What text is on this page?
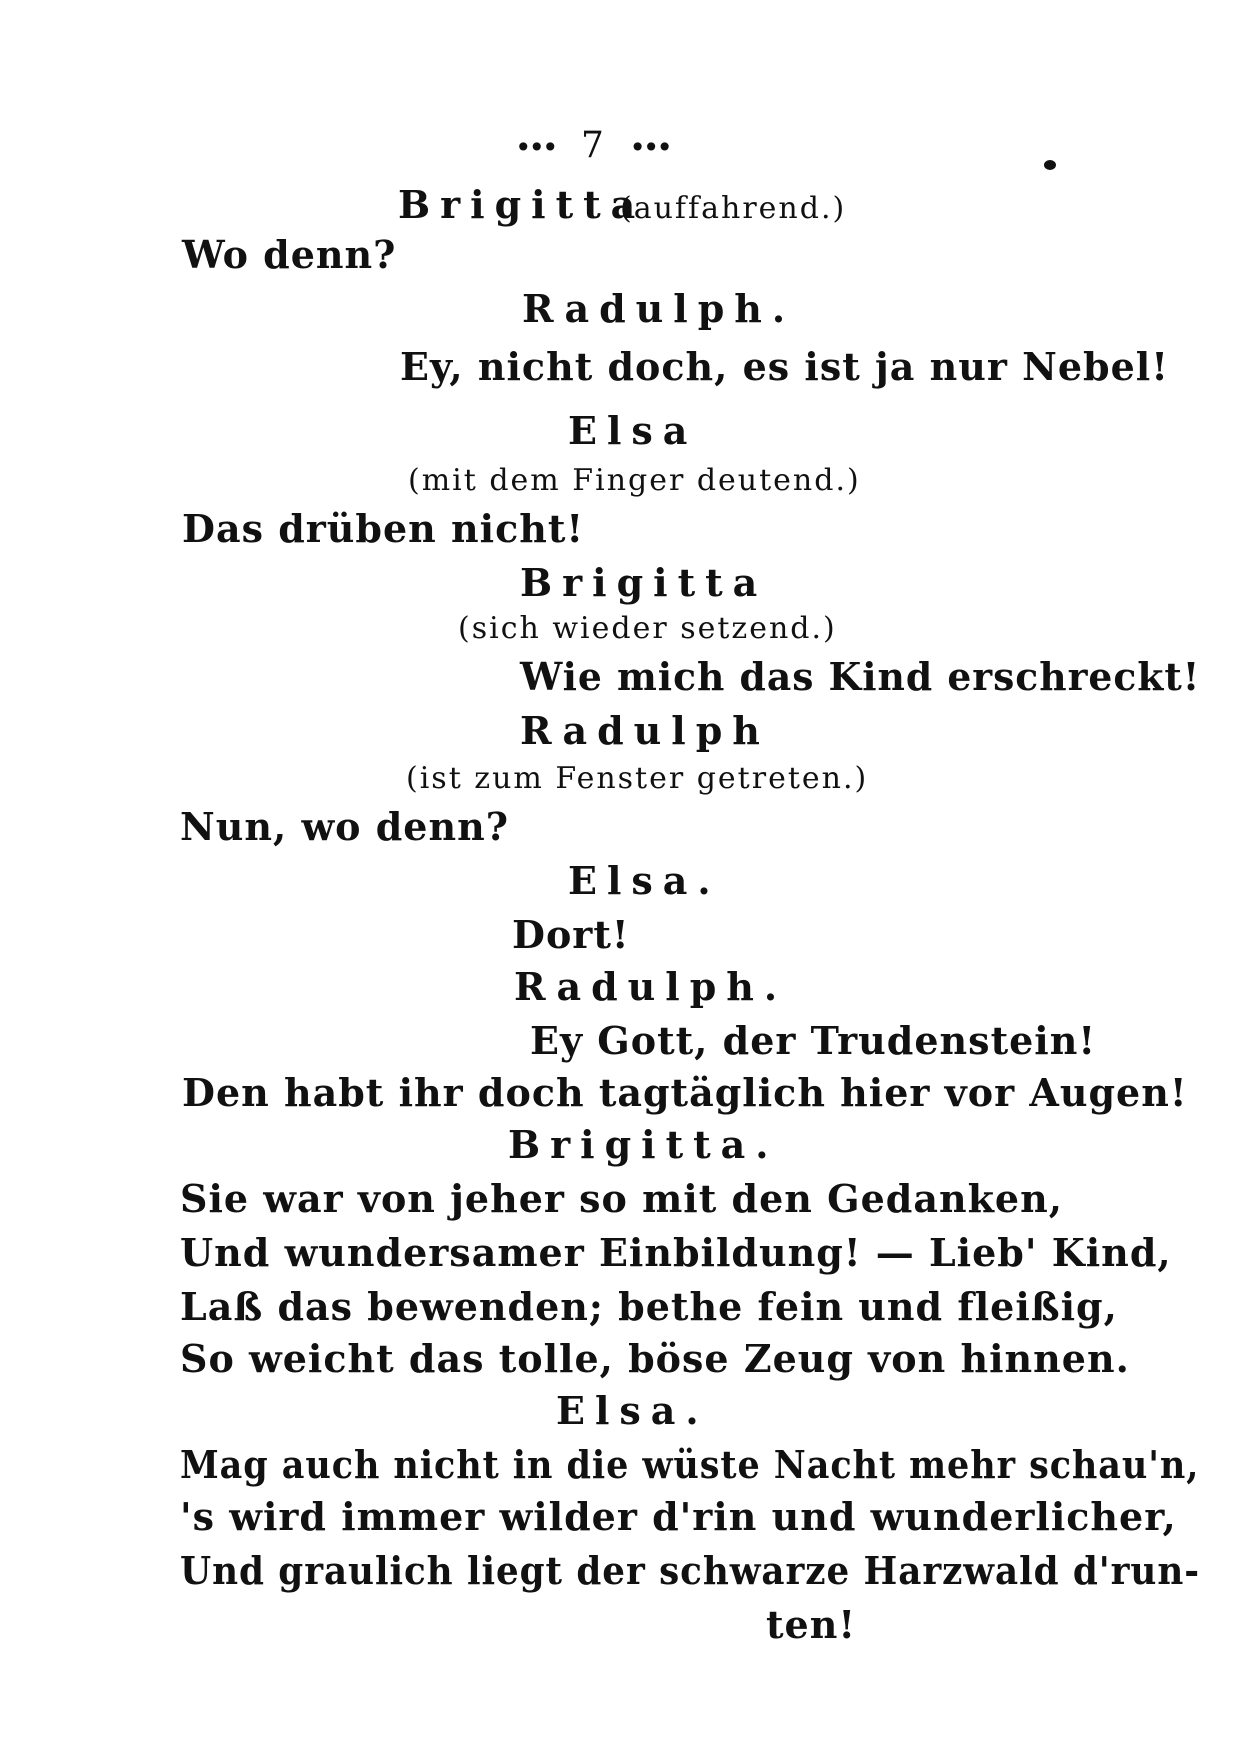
••• 7 •••
Brigitta
(auffahrend.)
Wo denn?
Radulph.
Ey, nicht doch, es ist ja nur Nebel!
Elsa
(mit dem Finger deutend.)
Das drüben nicht!
Brigitta
(sich wieder setzend.)
Wie mich das Kind erschreckt!
Radulph
(ist zum Fenster getreten.)
Nun, wo denn?
Elsa.
Dort!
Radulph.
Ey Gott, der Trudenstein!
Den habt ihr doch tagtäglich hier vor Augen!
Brigitta.
Sie war von jeher so mit den Gedanken,
Und wundersamer Einbildung! — Lieb' Kind,
Laß das bewenden; bethe fein und fleißig,
So weicht das tolle, böse Zeug von hinnen.
Elsa.
Mag auch nicht in die wüste Nacht mehr schau'n,
's wird immer wilder d'rin und wunderlicher,
Und graulich liegt der schwarze Harzwald d'run-
ten!
